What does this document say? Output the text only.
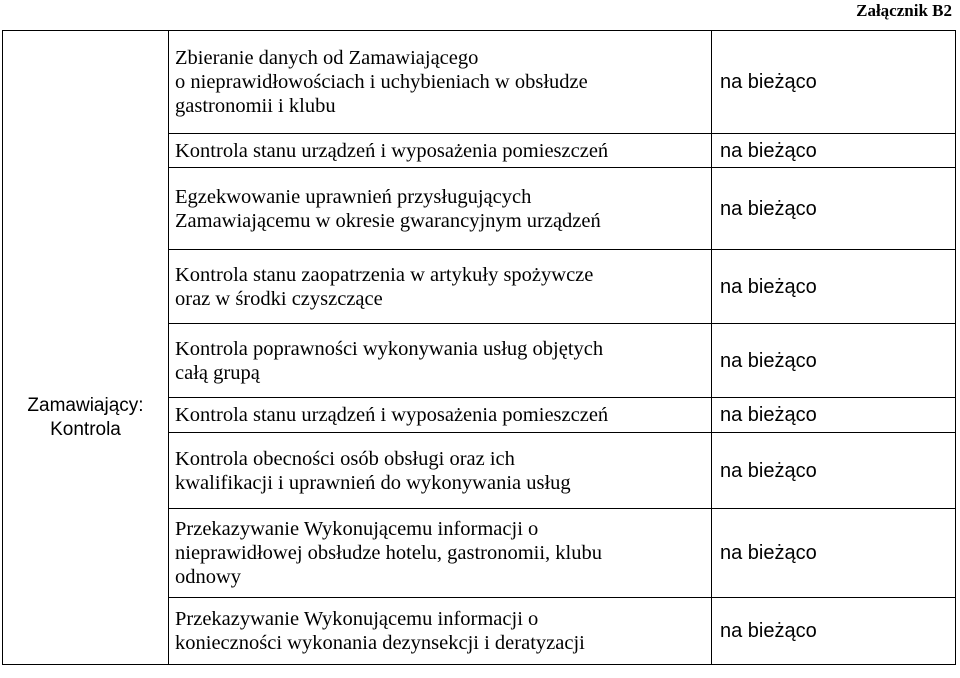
Załącznik B2
Zamawiający:
Kontrola	Zbieranie danych od Zamawiającego
o nieprawidłowościach i uchybieniach w obsłudze
gastronomii i klubu	na bieżąco

	Kontrola stanu urządzeń i wyposażenia pomieszczeń	na bieżąco

	Egzekwowanie uprawnień przysługujących
Zamawiającemu w okresie gwarancyjnym urządzeń	na bieżąco

	Kontrola stanu zaopatrzenia w artykuły spożywcze
oraz w środki czyszczące	na bieżąco

	Kontrola poprawności wykonywania usług objętych
całą grupą	na bieżąco

	Kontrola stanu urządzeń i wyposażenia pomieszczeń	na bieżąco

	Kontrola obecności osób obsługi oraz ich
kwalifikacji i uprawnień do wykonywania usług	na bieżąco

	Przekazywanie Wykonującemu informacji o
nieprawidłowej obsłudze hotelu, gastronomii, klubu
odnowy	na bieżąco

	Przekazywanie Wykonującemu informacji o
konieczności wykonania dezynsekcji i deratyzacji	na bieżąco
